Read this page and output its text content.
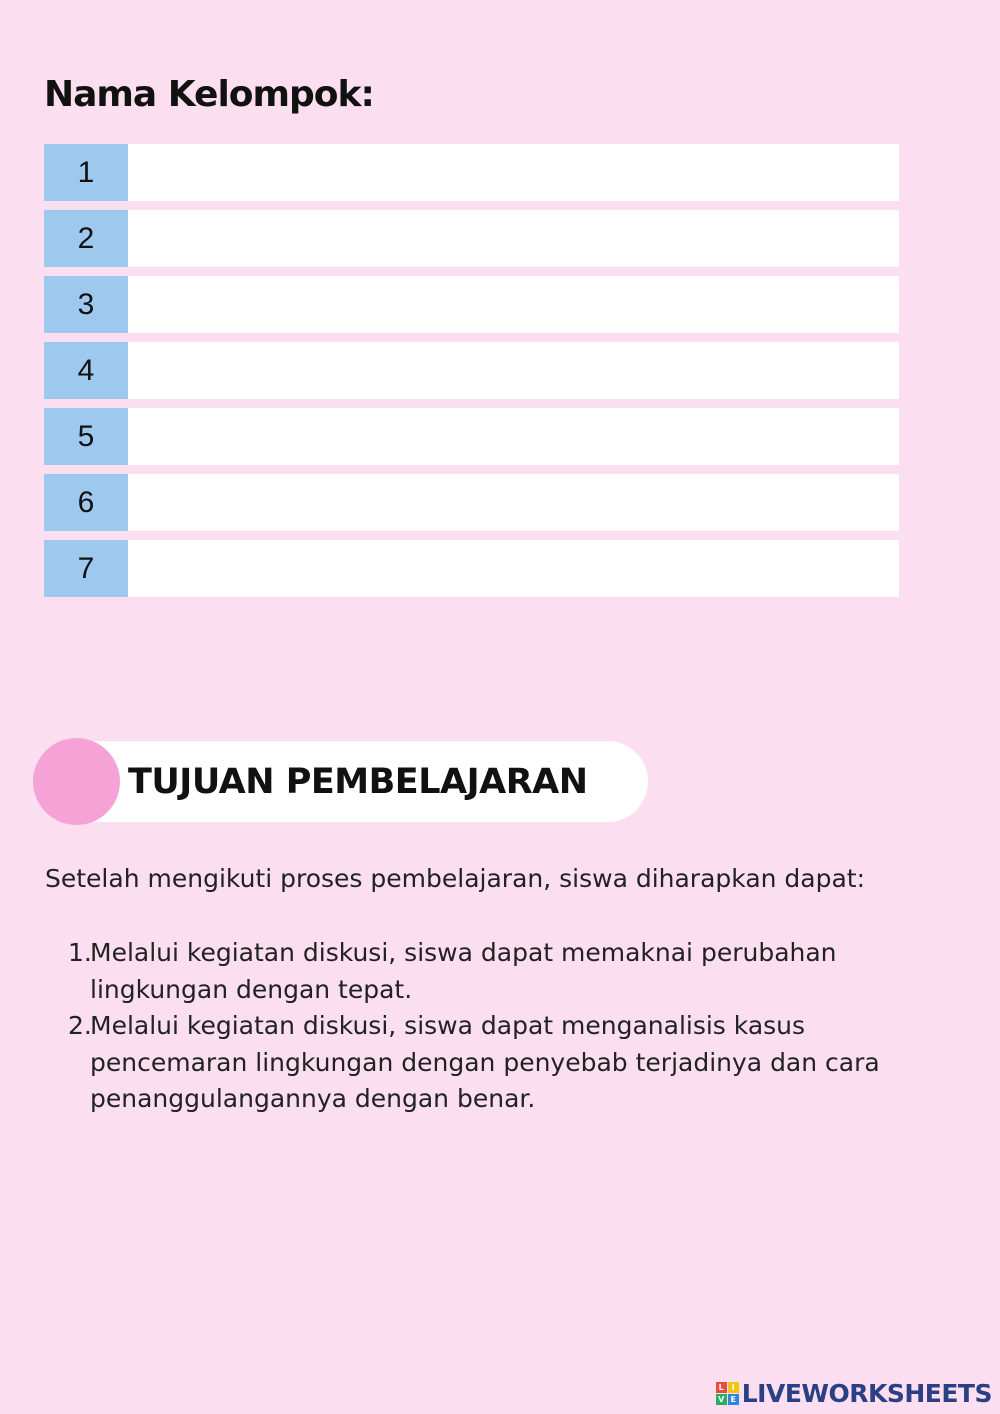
Nama Kelompok:
1
2
3
4
5
6
7
TUJUAN PEMBELAJARAN

Setelah mengikuti proses pembelajaran, siswa diharapkan dapat:

1.
Melalui kegiatan diskusi, siswa dapat memaknai perubahan lingkungan dengan tepat.
2.
Melalui kegiatan diskusi, siswa dapat menganalisis kasus pencemaran lingkungan dengan penyebab terjadinya dan cara penanggulangannya dengan benar.
L I
V E LIVEWORKSHEETS
